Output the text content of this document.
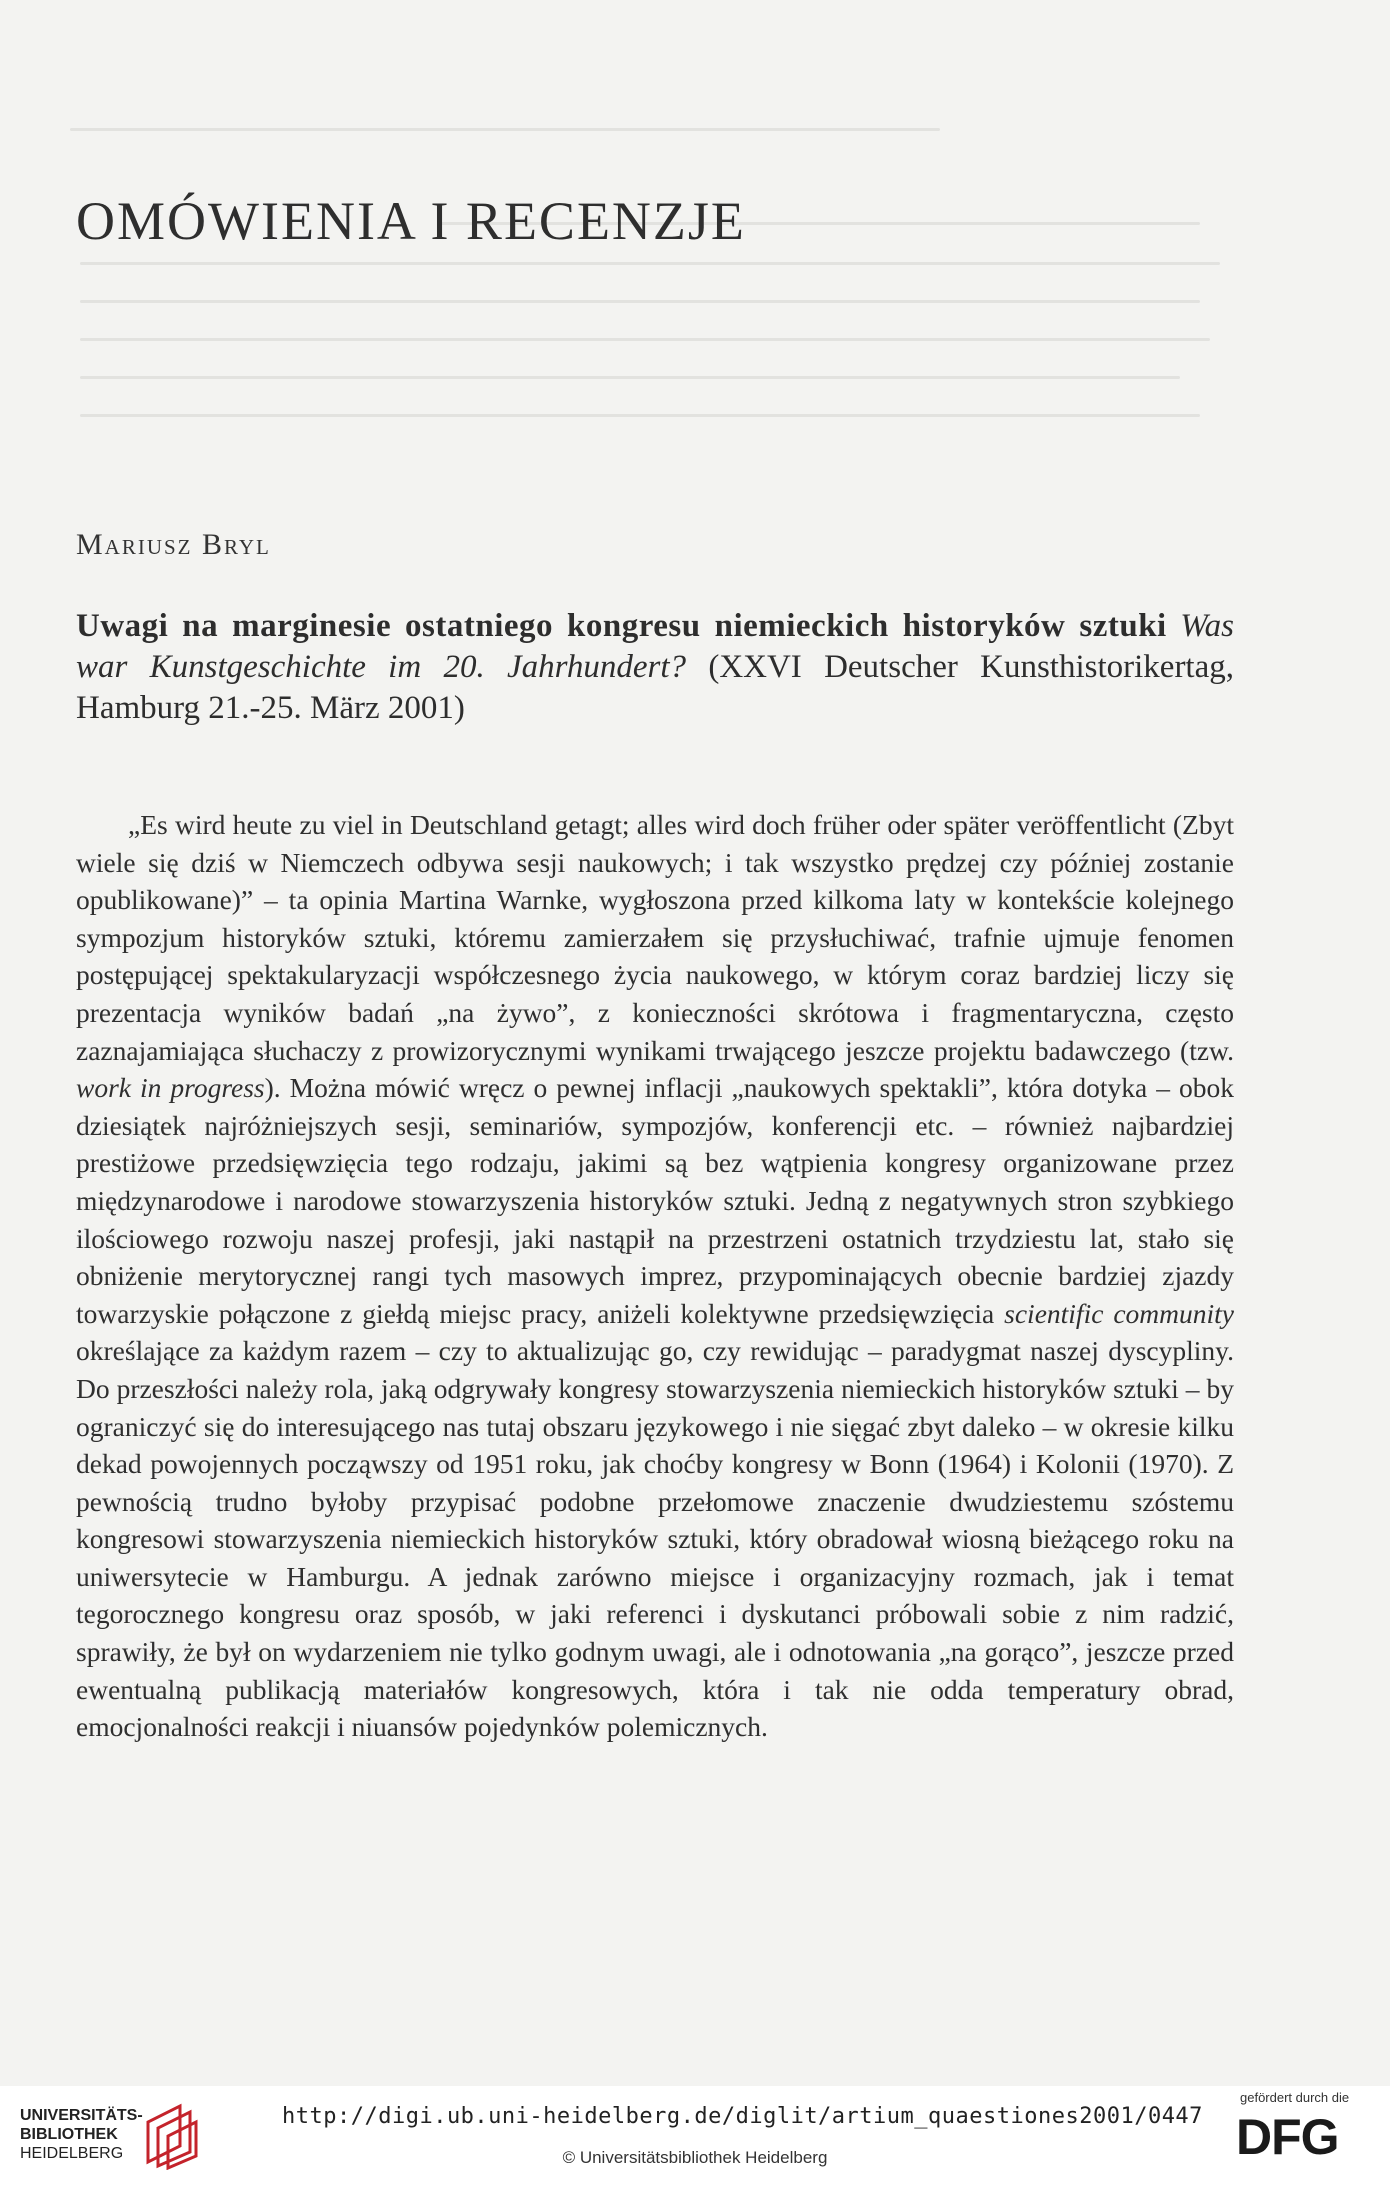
OMÓWIENIA I RECENZJE
Mariusz Bryl
Uwagi na marginesie ostatniego kongresu niemieckich historyków sztuki Was war Kunstgeschichte im 20. Jahrhundert? (XXVI Deutscher Kunsthistorikertag, Hamburg 21.-25. März 2001)

„Es wird heute zu viel in Deutschland getagt; alles wird doch früher oder später veröffentlicht (Zbyt wiele się dziś w Niemczech odbywa sesji naukowych; i tak wszystko prędzej czy później zostanie opublikowane)” – ta opinia Martina Warnke, wygłoszona przed kilkoma laty w kontekście kolejnego sympozjum historyków sztuki, któremu zamierzałem się przysłuchiwać, trafnie ujmuje fenomen postępującej spektakularyzacji współczesnego życia naukowego, w którym coraz bardziej liczy się prezentacja wyników badań „na żywo”, z konieczności skrótowa i fragmentaryczna, często zaznajamiająca słuchaczy z prowizorycznymi wynikami trwającego jeszcze projektu badawczego (tzw. work in progress). Można mówić wręcz o pewnej inflacji „naukowych spektakli”, która dotyka – obok dziesiątek najróżniejszych sesji, seminariów, sympozjów, konferencji etc. – również najbardziej prestiżowe przedsięwzięcia tego rodzaju, jakimi są bez wątpienia kongresy organizowane przez międzynarodowe i narodowe stowarzyszenia historyków sztuki. Jedną z negatywnych stron szybkiego ilościowego rozwoju naszej profesji, jaki nastąpił na przestrzeni ostatnich trzydziestu lat, stało się obniżenie merytorycznej rangi tych masowych imprez, przypominających obecnie bardziej zjazdy towarzyskie połączone z giełdą miejsc pracy, aniżeli kolektywne przedsięwzięcia scientific community określające za każdym razem – czy to aktualizując go, czy rewidując – paradygmat naszej dyscypliny. Do przeszłości należy rola, jaką odgrywały kongresy stowarzyszenia niemieckich historyków sztuki – by ograniczyć się do interesującego nas tutaj obszaru językowego i nie sięgać zbyt daleko – w okresie kilku dekad powojennych począwszy od 1951 roku, jak choćby kongresy w Bonn (1964) i Kolonii (1970). Z pewnością trudno byłoby przypisać podobne przełomowe znaczenie dwudziestemu szóstemu kongresowi stowarzyszenia niemieckich historyków sztuki, który obradował wiosną bieżącego roku na uniwersytecie w Hamburgu. A jednak zarówno miejsce i organizacyjny rozmach, jak i temat tegorocznego kongresu oraz sposób, w jaki referenci i dyskutanci próbowali sobie z nim radzić, sprawiły, że był on wydarzeniem nie tylko godnym uwagi, ale i odnotowania „na gorąco”, jeszcze przed ewentualną publikacją materiałów kongresowych, która i tak nie odda temperatury obrad, emocjonalności reakcji i niuansów pojedynków polemicznych.

UNIVERSITÄTS-
BIBLIOTHEK
HEIDELBERG
http://digi.ub.uni-heidelberg.de/diglit/artium_quaestiones2001/0447
© Universitätsbibliothek Heidelberg
gefördert durch die
DFG
